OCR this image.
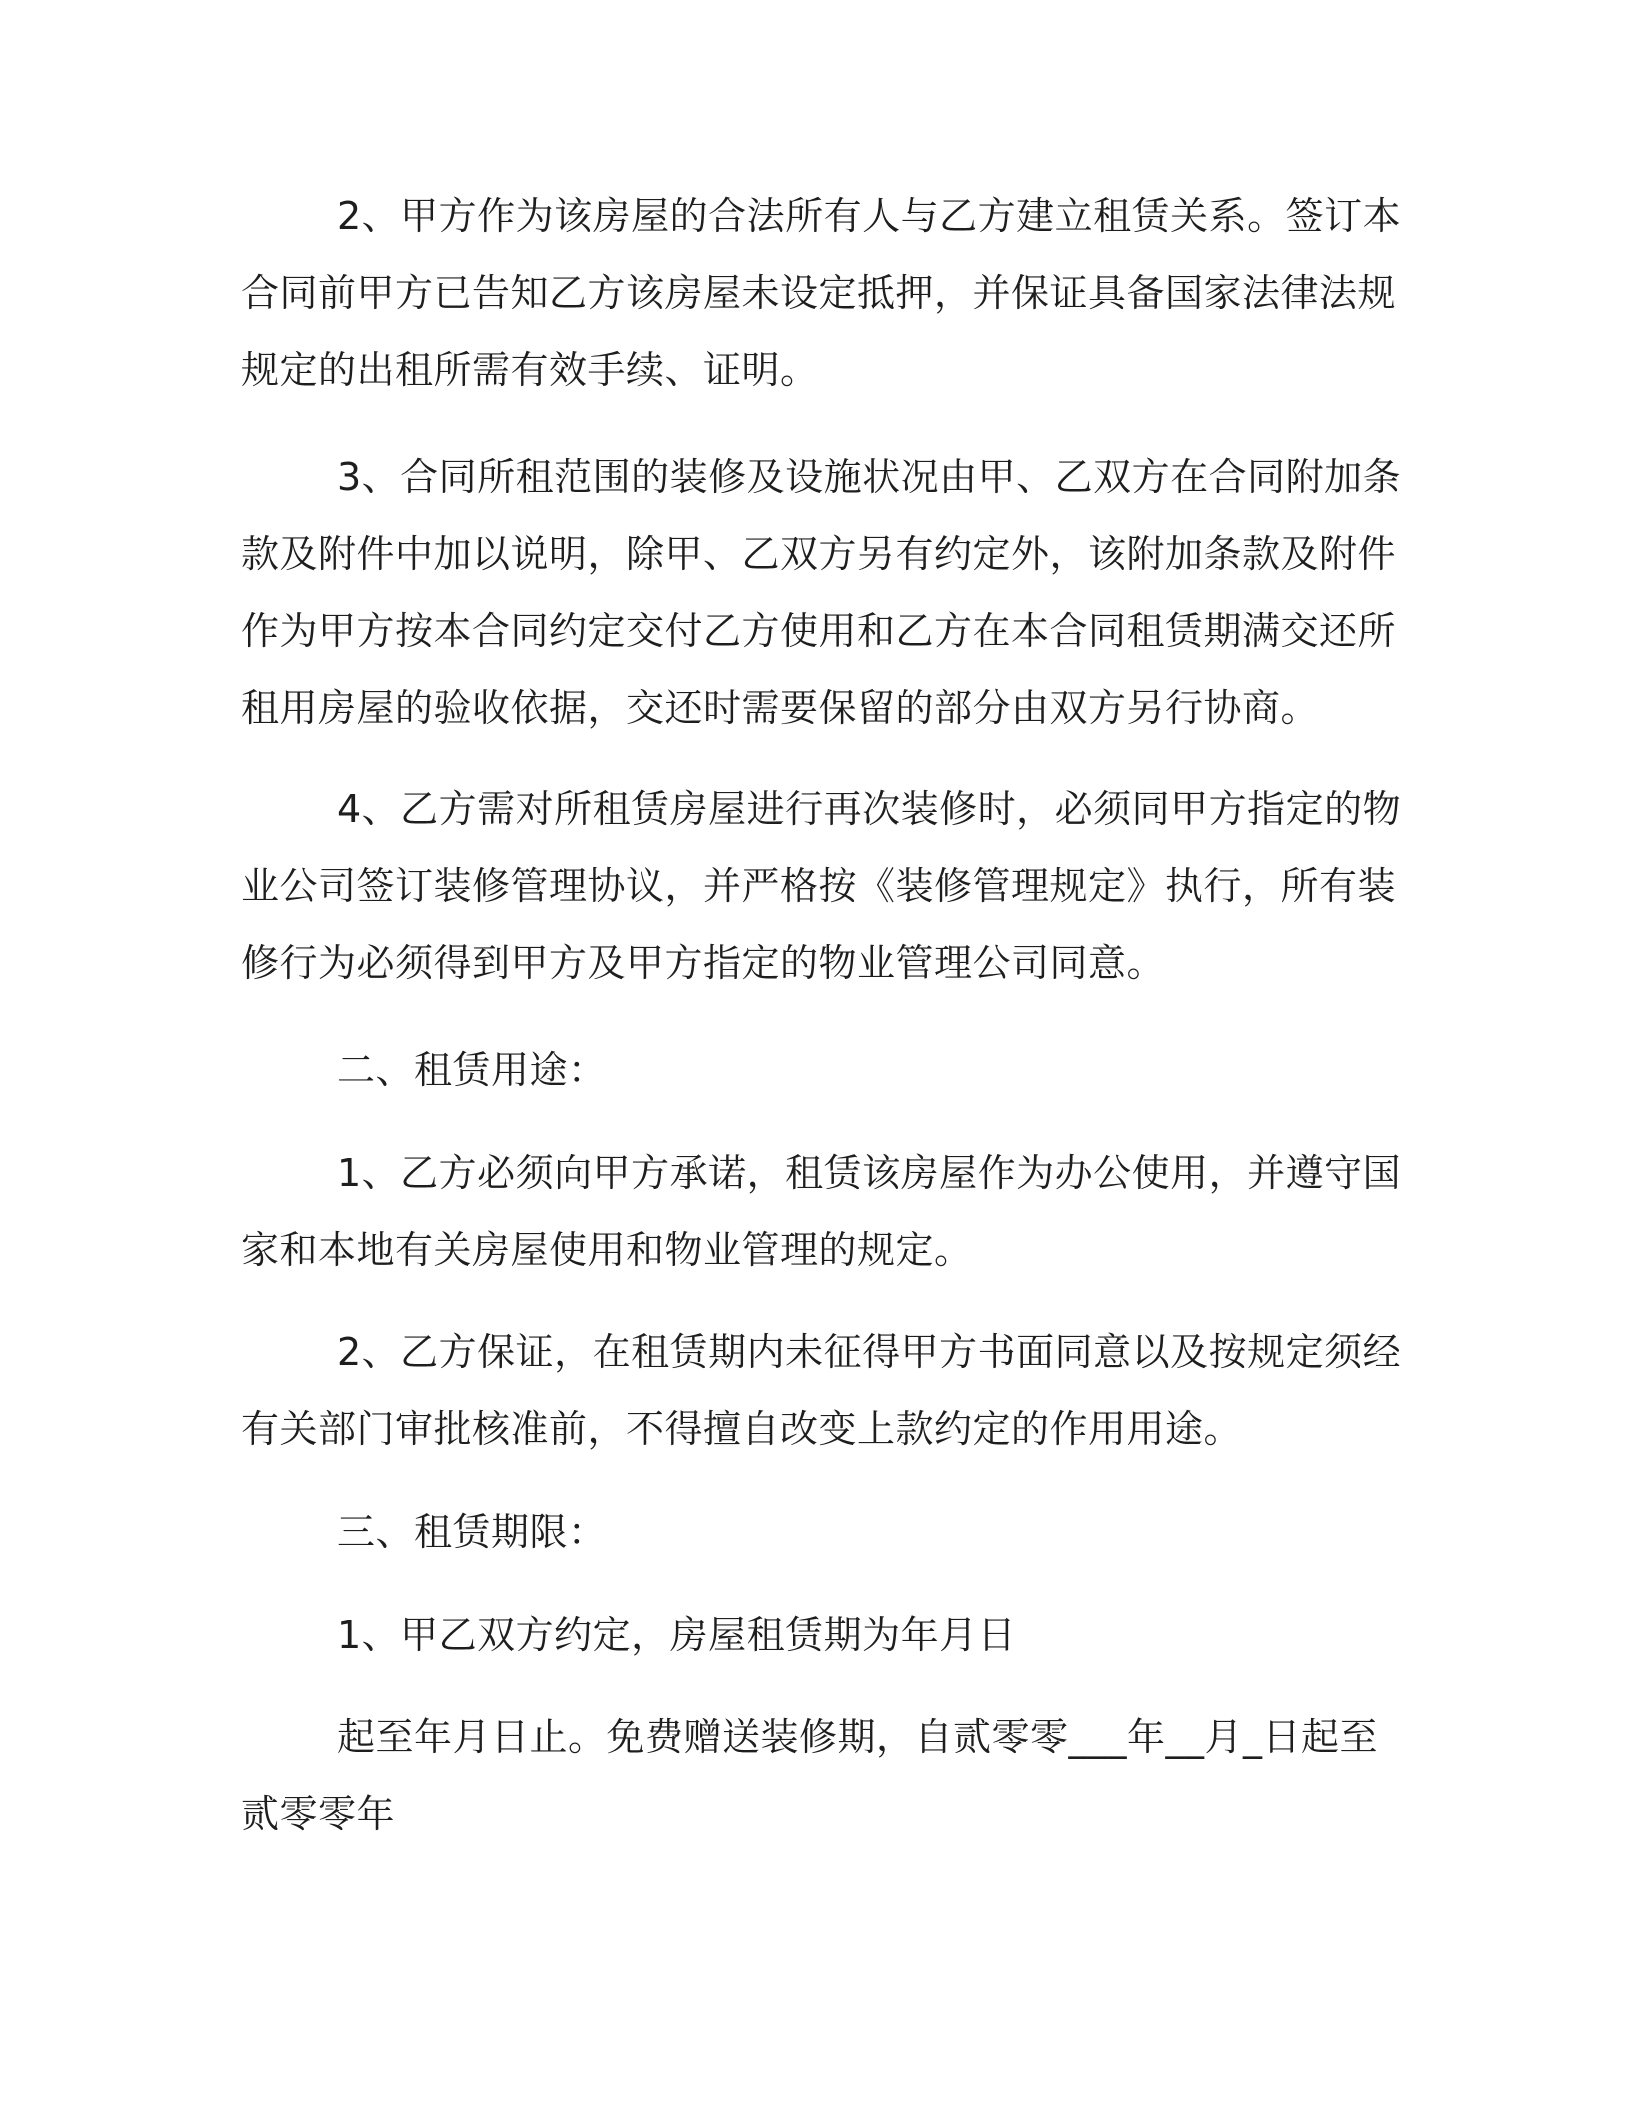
2、甲方作为该房屋的合法所有人与乙方建立租赁关系。签订本
合同前甲方已告知乙方该房屋未设定抵押，并保证具备国家法律法规
规定的出租所需有效手续、证明。
3、合同所租范围的装修及设施状况由甲、乙双方在合同附加条
款及附件中加以说明，除甲、乙双方另有约定外，该附加条款及附件
作为甲方按本合同约定交付乙方使用和乙方在本合同租赁期满交还所
租用房屋的验收依据，交还时需要保留的部分由双方另行协商。
4、乙方需对所租赁房屋进行再次装修时，必须同甲方指定的物
业公司签订装修管理协议，并严格按《装修管理规定》执行，所有装
修行为必须得到甲方及甲方指定的物业管理公司同意。
二、租赁用途：
1、乙方必须向甲方承诺，租赁该房屋作为办公使用，并遵守国
家和本地有关房屋使用和物业管理的规定。
2、乙方保证，在租赁期内未征得甲方书面同意以及按规定须经
有关部门审批核准前，不得擅自改变上款约定的作用用途。
三、租赁期限：
1、甲乙双方约定，房屋租赁期为年月日
起至年月日止。免费赠送装修期，自贰零零___年__月_日起至
贰零零年
